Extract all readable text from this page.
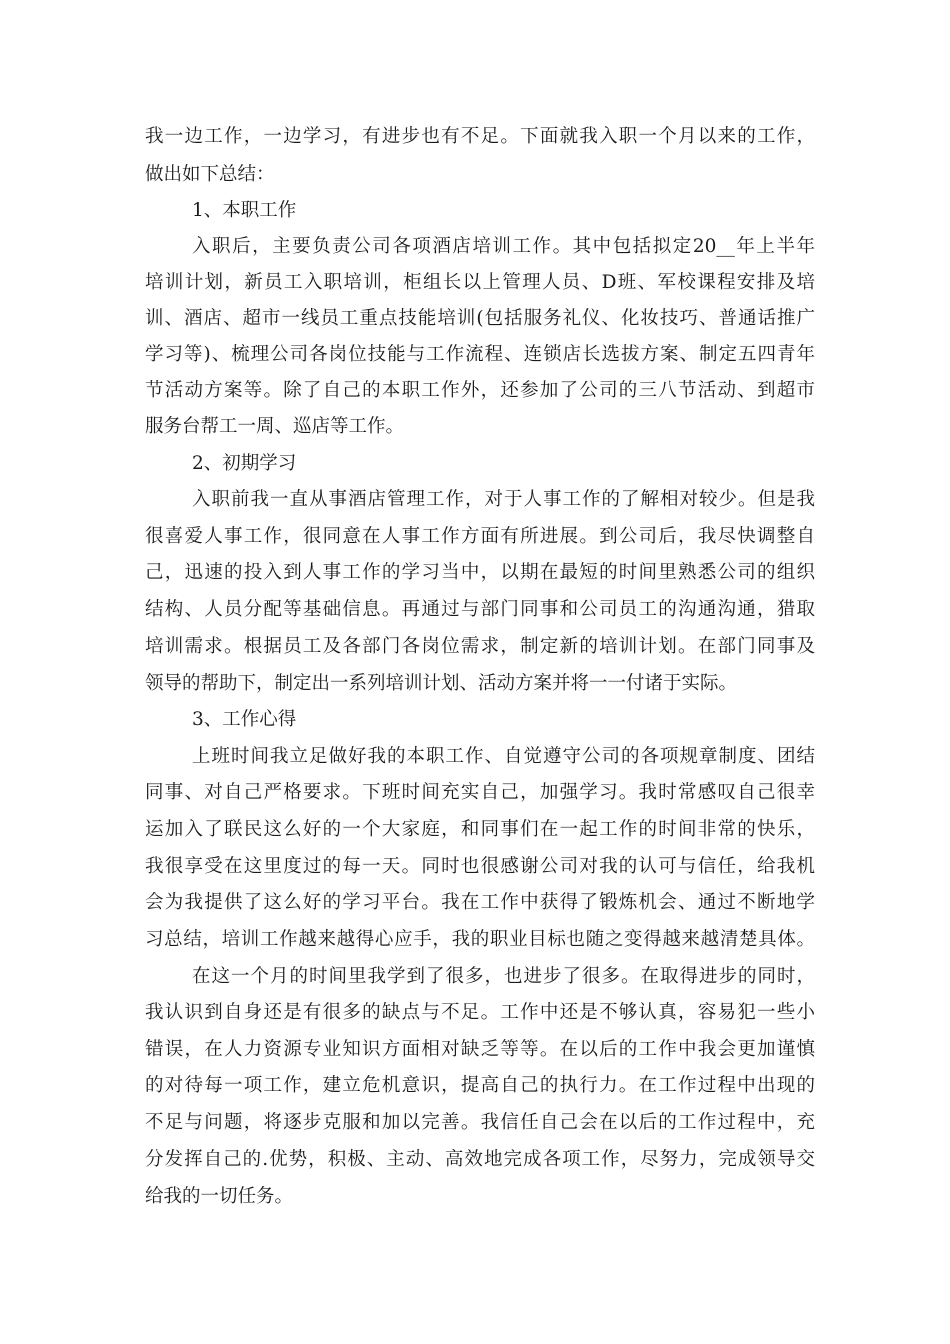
我一边工作，一边学习，有进步也有不足。下面就我入职一个月以来的工作，
做出如下总结：
1、本职工作
入职后，主要负责公司各项酒店培训工作。其中包括拟定20__年上半年
培训计划，新员工入职培训，柜组长以上管理人员、D班、军校课程安排及培
训、酒店、超市一线员工重点技能培训(包括服务礼仪、化妆技巧、普通话推广
学习等)、梳理公司各岗位技能与工作流程、连锁店长选拔方案、制定五四青年
节活动方案等。除了自己的本职工作外，还参加了公司的三八节活动、到超市
服务台帮工一周、巡店等工作。
2、初期学习
入职前我一直从事酒店管理工作，对于人事工作的了解相对较少。但是我
很喜爱人事工作，很同意在人事工作方面有所进展。到公司后，我尽快调整自
己，迅速的投入到人事工作的学习当中，以期在最短的时间里熟悉公司的组织
结构、人员分配等基础信息。再通过与部门同事和公司员工的沟通沟通，猎取
培训需求。根据员工及各部门各岗位需求，制定新的培训计划。在部门同事及
领导的帮助下，制定出一系列培训计划、活动方案并将一一付诸于实际。
3、工作心得
上班时间我立足做好我的本职工作、自觉遵守公司的各项规章制度、团结
同事、对自己严格要求。下班时间充实自己，加强学习。我时常感叹自己很幸
运加入了联民这么好的一个大家庭，和同事们在一起工作的时间非常的快乐，
我很享受在这里度过的每一天。同时也很感谢公司对我的认可与信任，给我机
会为我提供了这么好的学习平台。我在工作中获得了锻炼机会、通过不断地学
习总结，培训工作越来越得心应手，我的职业目标也随之变得越来越清楚具体。
在这一个月的时间里我学到了很多，也进步了很多。在取得进步的同时，
我认识到自身还是有很多的缺点与不足。工作中还是不够认真，容易犯一些小
错误，在人力资源专业知识方面相对缺乏等等。在以后的工作中我会更加谨慎
的对待每一项工作，建立危机意识，提高自己的执行力。在工作过程中出现的
不足与问题，将逐步克服和加以完善。我信任自己会在以后的工作过程中，充
分发挥自己的.优势，积极、主动、高效地完成各项工作，尽努力，完成领导交
给我的一切任务。
